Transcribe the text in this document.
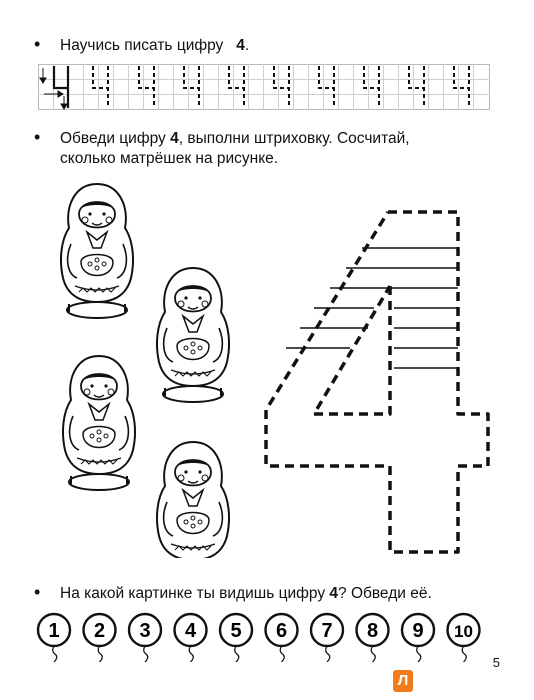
• Научись писать цифру 4.
• Обведи цифру 4, выполни штриховку. Сосчитай,
сколько матрёшек на рисунке.
• На какой картинке ты видишь цифру 4? Обведи её.
1 2 3 4 5 6 7 8 9 10
5
Л
